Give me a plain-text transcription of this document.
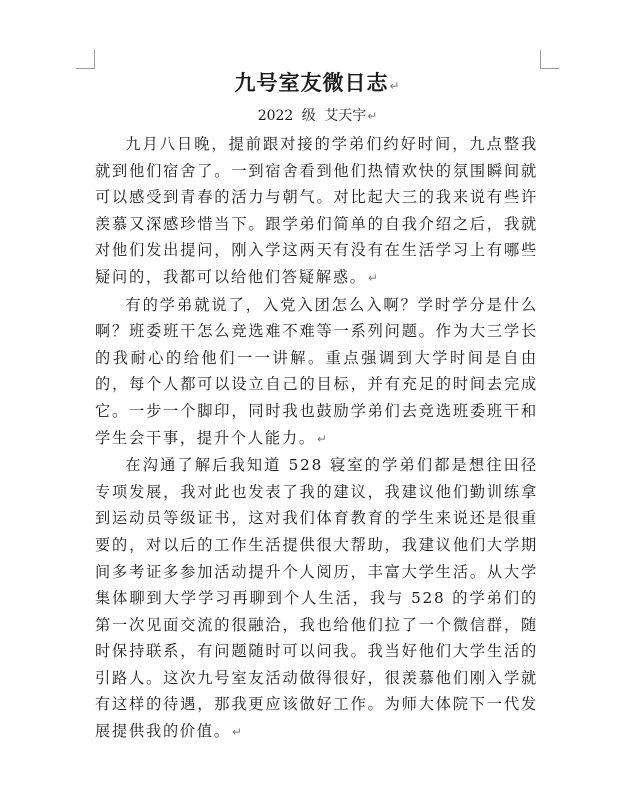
九号室友微日志↵
2022 级 艾天宇↵

九月八日晚，提前跟对接的学弟们约好时间，九点整我就到他们宿舍了。一到宿舍看到他们热情欢快的氛围瞬间就可以感受到青春的活力与朝气。对比起大三的我来说有些许羡慕又深感珍惜当下。跟学弟们简单的自我介绍之后，我就对他们发出提问，刚入学这两天有没有在生活学习上有哪些疑问的，我都可以给他们答疑解惑。↵

有的学弟就说了，入党入团怎么入啊？学时学分是什么啊？班委班干怎么竞选难不难等一系列问题。作为大三学长的我耐心的给他们一一讲解。重点强调到大学时间是自由的，每个人都可以设立自己的目标，并有充足的时间去完成它。一步一个脚印，同时我也鼓励学弟们去竞选班委班干和学生会干事，提升个人能力。↵

在沟通了解后我知道 528 寝室的学弟们都是想往田径专项发展，我对此也发表了我的建议，我建议他们勤训练拿到运动员等级证书，这对我们体育教育的学生来说还是很重要的，对以后的工作生活提供很大帮助，我建议他们大学期间多考证多参加活动提升个人阅历，丰富大学生活。从大学集体聊到大学学习再聊到个人生活，我与 528 的学弟们的第一次见面交流的很融洽，我也给他们拉了一个微信群，随时保持联系，有问题随时可以问我。我当好他们大学生活的引路人。这次九号室友活动做得很好，很羡慕他们刚入学就有这样的待遇，那我更应该做好工作。为师大体院下一代发展提供我的价值。↵
